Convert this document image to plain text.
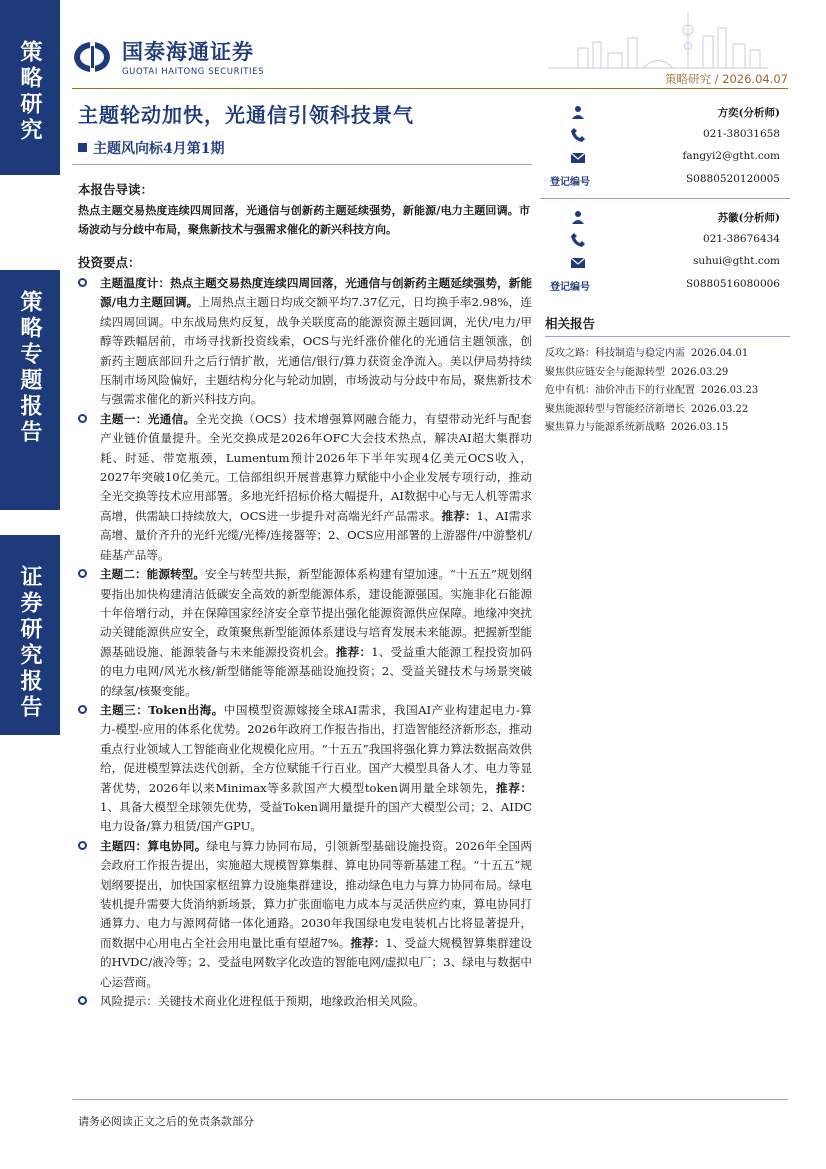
策略研究
策略专题报告
证券研究报告
国泰海通证券
GUOTAI HAITONG SECURITIES	策略研究 / 2026.04.07
主题轮动加快，光通信引领科技景气
主题风向标4月第1期
本报告导读：
热点主题交易热度连续四周回落，光通信与创新药主题延续强势，新能源/电力主题回调。市场波动与分歧中布局，聚焦新技术与强需求催化的新兴科技方向。
投资要点：

主题温度计：热点主题交易热度连续四周回落，光通信与创新药主题延续强势，新能源/电力主题回调。上周热点主题日均成交额平均7.37亿元，日均换手率2.98%，连续四周回调。中东战局焦灼反复，战争关联度高的能源资源主题回调，光伏/电力/甲醇等跌幅居前，市场寻找新投资线索，OCS与光纤涨价催化的光通信主题领涨，创新药主题底部回升之后行情扩散，光通信/银行/算力获资金净流入。美以伊局势持续压制市场风险偏好，主题结构分化与轮动加剧，市场波动与分歧中布局，聚焦新技术与强需求催化的新兴科技方向。

主题一：光通信。全光交换（OCS）技术增强算网融合能力，有望带动光纤与配套产业链价值量提升。全光交换成是2026年OFC大会技术热点，解决AI超大集群功耗、时延、带宽瓶颈，Lumentum预计2026年下半年实现4亿美元OCS收入，2027年突破10亿美元。工信部组织开展普惠算力赋能中小企业发展专项行动，推动全光交换等技术应用部署。多地光纤招标价格大幅提升，AI数据中心与无人机等需求高增，供需缺口持续放大，OCS进一步提升对高端光纤产品需求。推荐：1、AI需求高增、量价齐升的光纤光缆/光棒/连接器等；2、OCS应用部署的上游器件/中游整机/硅基产品等。

主题二：能源转型。安全与转型共振，新型能源体系构建有望加速。“十五五”规划纲要指出加快构建清洁低碳安全高效的新型能源体系，建设能源强国。实施非化石能源十年倍增行动，并在保障国家经济安全章节提出强化能源资源供应保障。地缘冲突扰动关键能源供应安全，政策聚焦新型能源体系建设与培育发展未来能源。把握新型能源基础设施、能源装备与未来能源投资机会。推荐：1、受益重大能源工程投资加码的电力电网/风光水核/新型储能等能源基础设施投资；2、受益关键技术与场景突破的绿氢/核聚变能。

主题三：Token出海。中国模型资源嫁接全球AI需求，我国AI产业构建起电力-算力-模型-应用的体系化优势。2026年政府工作报告指出，打造智能经济新形态，推动重点行业领域人工智能商业化规模化应用。“十五五”我国将强化算力算法数据高效供给，促进模型算法迭代创新，全方位赋能千行百业。国产大模型具备人才、电力等显著优势，2026年以来Minimax等多款国产大模型token调用量全球领先，推荐：1、具备大模型全球领先优势，受益Token调用量提升的国产大模型公司；2、AIDC电力设备/算力租赁/国产GPU。

主题四：算电协同。绿电与算力协同布局，引领新型基础设施投资。2026年全国两会政府工作报告提出，实施超大规模智算集群、算电协同等新基建工程。“十五五”规划纲要提出，加快国家枢纽算力设施集群建设，推动绿色电力与算力协同布局。绿电装机提升需要大货消纳新场景，算力扩张面临电力成本与灵活供应约束，算电协同打通算力、电力与源网荷储一体化通路。2030年我国绿电发电装机占比将显著提升，而数据中心用电占全社会用电量比重有望超7%。推荐：1、受益大规模智算集群建设的HVDC/液冷等；2、受益电网数字化改造的智能电网/虚拟电厂；3、绿电与数据中心运营商。

风险提示：关键技术商业化进程低于预期，地缘政治相关风险。

方奕(分析师)
021-38031658
fangyi2@gtht.com
登记编号	S0880520120005
苏徽(分析师)
021-38676434
suhui@gtht.com
登记编号	S0880516080006
相关报告
反攻之路：科技制造与稳定内需 2026.04.01
聚焦供应链安全与能源转型 2026.03.29
危中有机：油价冲击下的行业配置 2026.03.23
聚焦能源转型与智能经济新增长 2026.03.22
聚焦算力与能源系统新战略 2026.03.15
请务必阅读正文之后的免责条款部分
